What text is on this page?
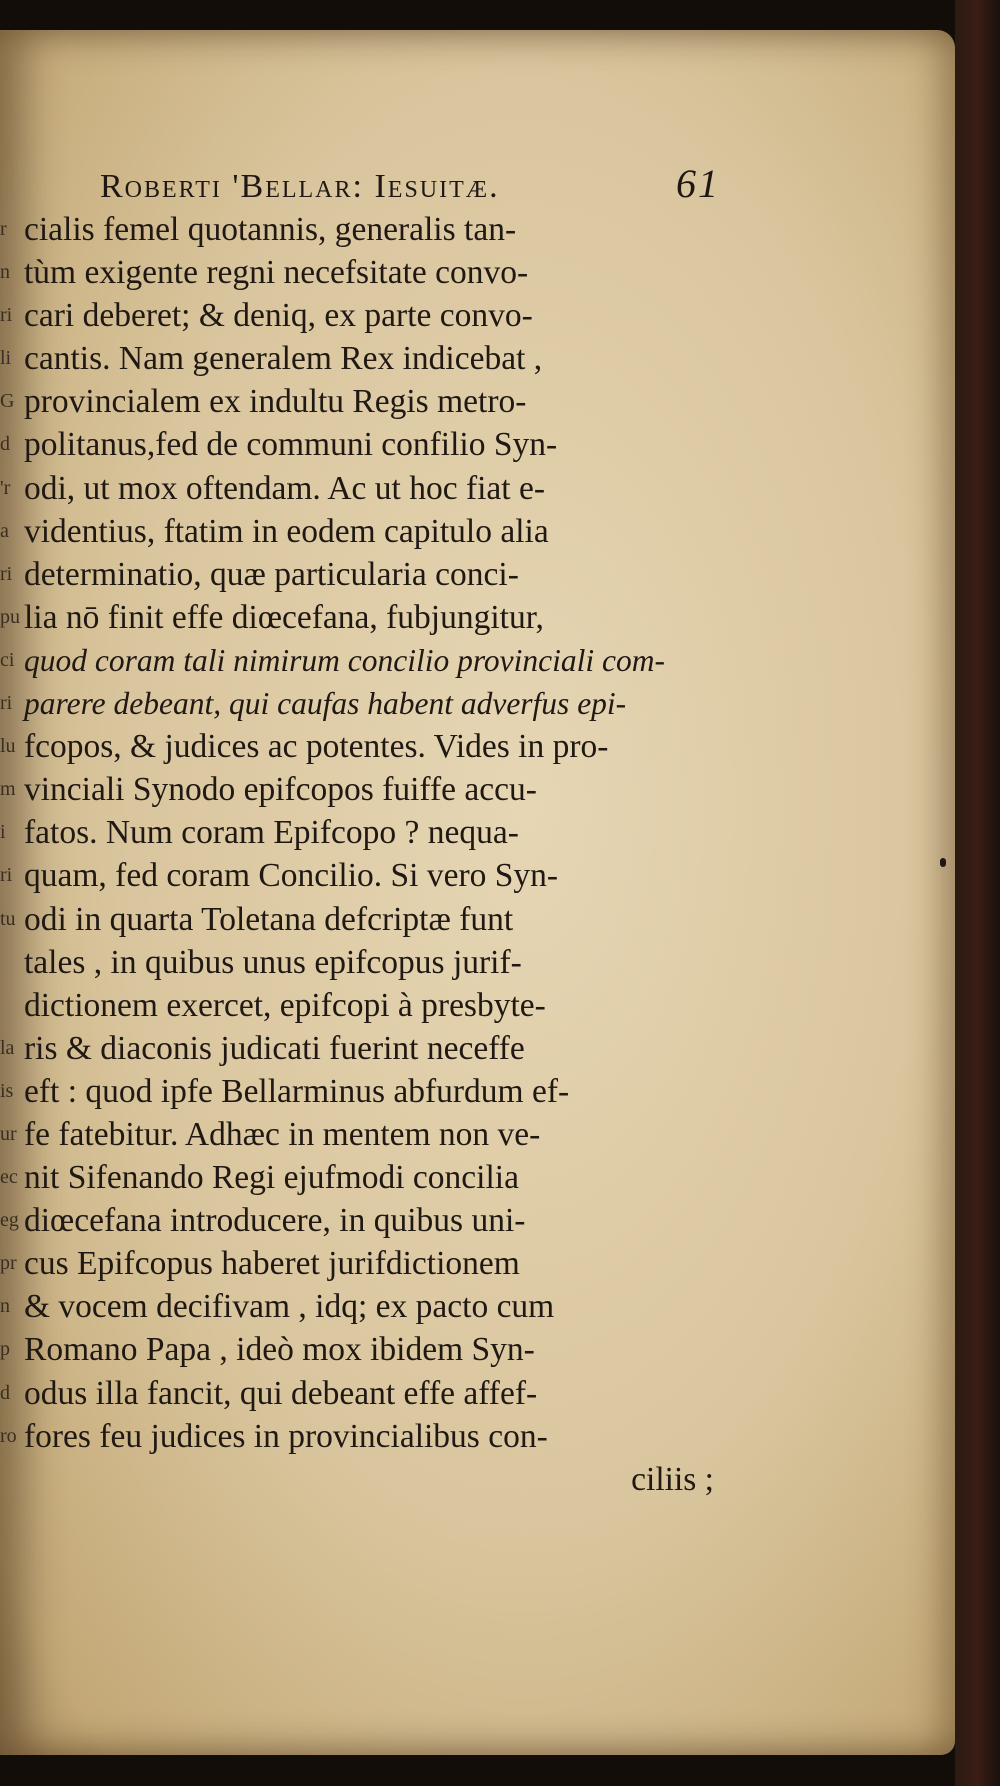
Roberti 'Bellar: Iesuitæ.	61
r
n
ri
li
G
d
'r
a
ri
pu
ci
ri
lu
m
i
ri
tu
la
is
ur
ec
eg
pr
n
p
d
ro
cialis femel quotannis, generalis tan-
tùm exigente regni necefsitate convo-
cari deberet; & deniq, ex parte convo-
cantis. Nam generalem Rex indicebat ,
provincialem ex indultu Regis metro-
politanus,fed de communi confilio Syn-
odi, ut mox oftendam. Ac ut hoc fiat e-
videntius, ftatim in eodem capitulo alia
determinatio, quæ particularia conci-
lia nō finit effe diœcefana, fubjungitur,
quod coram tali nimirum concilio provinciali com-
parere debeant, qui caufas habent adverfus epi-
fcopos, & judices ac potentes. Vides in pro-
vinciali Synodo epifcopos fuiffe accu-
fatos. Num coram Epifcopo ? nequa-
quam, fed coram Concilio. Si vero Syn-
odi in quarta Toletana defcriptæ funt
tales , in quibus unus epifcopus jurif-
dictionem exercet, epifcopi à presbyte-
ris & diaconis judicati fuerint neceffe
eft : quod ipfe Bellarminus abfurdum ef-
fe fatebitur. Adhæc in mentem non ve-
nit Sifenando Regi ejufmodi concilia
diœcefana introducere, in quibus uni-
cus Epifcopus haberet jurifdictionem
& vocem decifivam , idq; ex pacto cum
Romano Papa , ideò mox ibidem Syn-
odus illa fancit, qui debeant effe affef-
fores feu judices in provincialibus con-
ciliis ;
